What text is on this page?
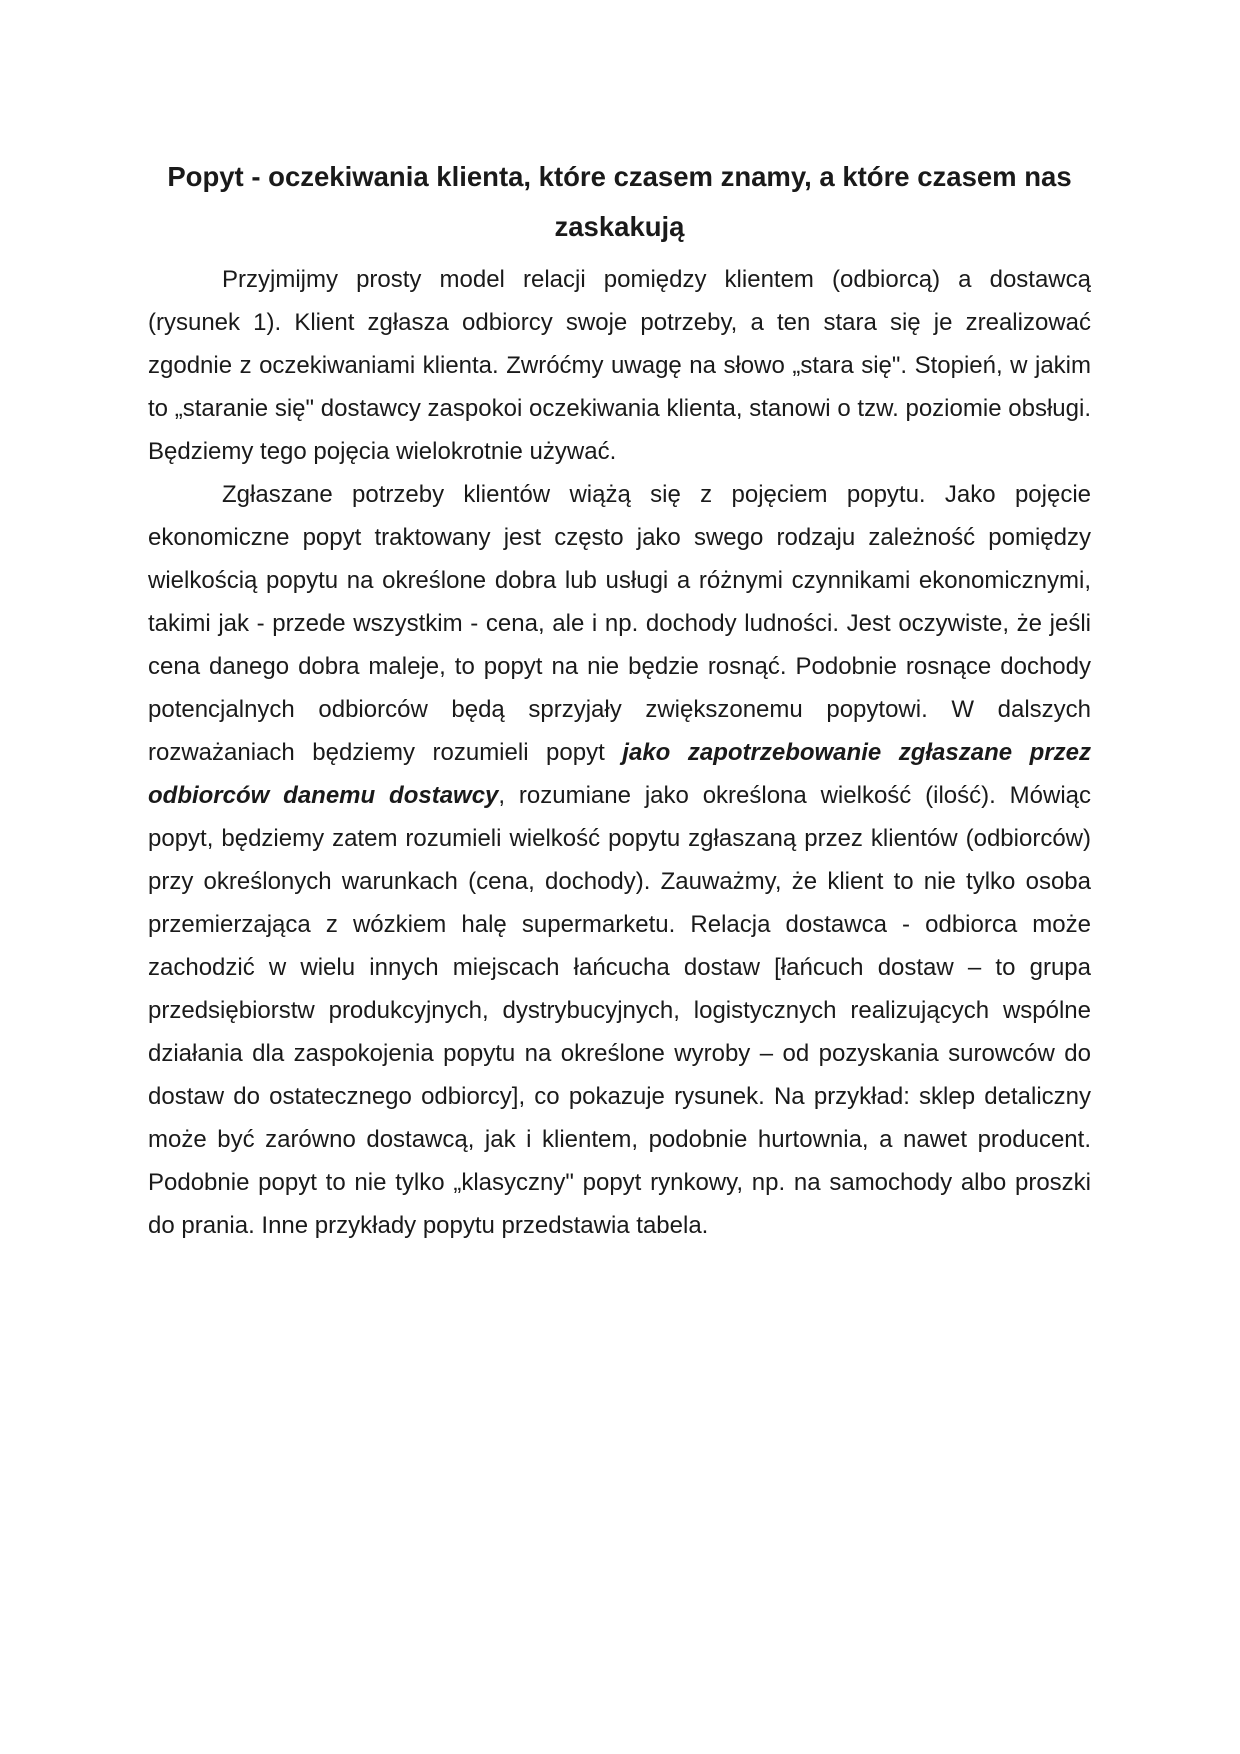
Popyt - oczekiwania klienta, które czasem znamy, a które czasem nas zaskakują

Przyjmijmy prosty model relacji pomiędzy klientem (odbiorcą) a dostawcą (rysunek 1). Klient zgłasza odbiorcy swoje potrzeby, a ten stara się je zrealizować zgodnie z oczekiwaniami klienta. Zwróćmy uwagę na słowo „stara się". Stopień, w jakim to „staranie się" dostawcy zaspokoi oczekiwania klienta, stanowi o tzw. poziomie obsługi. Będziemy tego pojęcia wielokrotnie używać.

Zgłaszane potrzeby klientów wiążą się z pojęciem popytu. Jako pojęcie ekonomiczne popyt traktowany jest często jako swego rodzaju zależność pomiędzy wielkością popytu na określone dobra lub usługi a różnymi czynnikami ekonomicznymi, takimi jak - przede wszystkim - cena, ale i np. dochody ludności. Jest oczywiste, że jeśli cena danego dobra maleje, to popyt na nie będzie rosnąć. Podobnie rosnące dochody potencjalnych odbiorców będą sprzyjały zwiększonemu popytowi. W dalszych rozważaniach będziemy rozumieli popyt jako zapotrzebowanie zgłaszane przez odbiorców danemu dostawcy, rozumiane jako określona wielkość (ilość). Mówiąc popyt, będziemy zatem rozumieli wielkość popytu zgłaszaną przez klientów (odbiorców) przy określonych warunkach (cena, dochody). Zauważmy, że klient to nie tylko osoba przemierzająca z wózkiem halę supermarketu. Relacja dostawca - odbiorca może zachodzić w wielu innych miejscach łańcucha dostaw [łańcuch dostaw – to grupa przedsiębiorstw produkcyjnych, dystrybucyjnych, logistycznych realizujących wspólne działania dla zaspokojenia popytu na określone wyroby – od pozyskania surowców do dostaw do ostatecznego odbiorcy], co pokazuje rysunek. Na przykład: sklep detaliczny może być zarówno dostawcą, jak i klientem, podobnie hurtownia, a nawet producent. Podobnie popyt to nie tylko „klasyczny" popyt rynkowy, np. na samochody albo proszki do prania. Inne przykłady popytu przedstawia tabela.
